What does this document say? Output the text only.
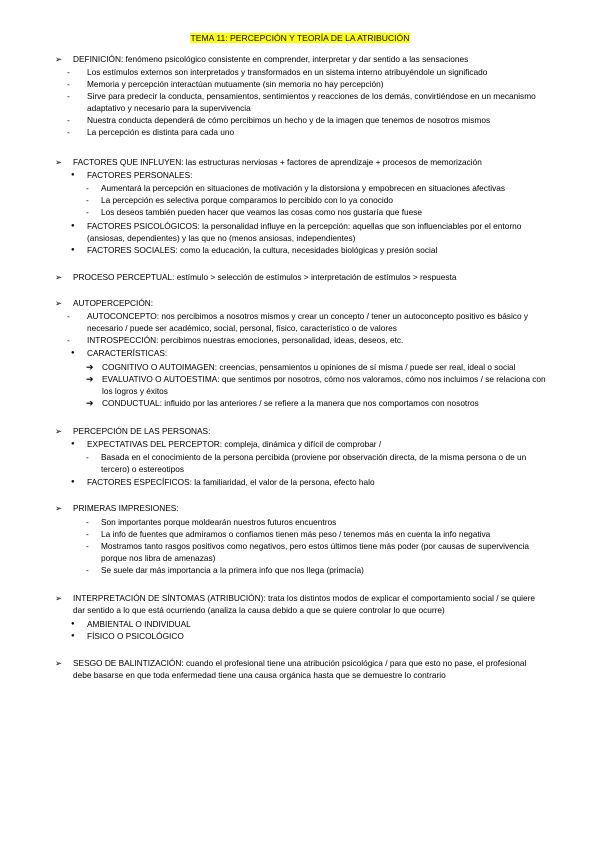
TEMA 11: PERCEPCIÓN Y TEORÍA DE LA ATRIBUCIÓN
➢ DEFINICIÓN: fenómeno psicológico consistente en comprender, interpretar y dar sentido a las sensaciones
- Los estímulos externos son interpretados y transformados en un sistema interno atribuyéndole un significado
- Memoria y percepción interactúan mutuamente (sin memoria no hay percepción)
- Sirve para predecir la conducta, pensamientos, sentimientos y reacciones de los demás, convirtiéndose en un mecanismo adaptativo y necesario para la supervivencia
- Nuestra conducta dependerá de cómo percibimos un hecho y de la imagen que tenemos de nosotros mismos
- La percepción es distinta para cada uno
➢ FACTORES QUE INFLUYEN: las estructuras nerviosas + factores de aprendizaje + procesos de memorización
● FACTORES PERSONALES:
- Aumentará la percepción en situaciones de motivación y la distorsiona y empobrecen en situaciones afectivas
- La percepción es selectiva porque comparamos lo percibido con lo ya conocido
- Los deseos también pueden hacer que veamos las cosas como nos gustaría que fuese
● FACTORES PSICOLÓGICOS: la personalidad influye en la percepción: aquellas que son influenciables por el entorno (ansiosas, dependientes) y las que no (menos ansiosas, independientes)
● FACTORES SOCIALES: como la educación, la cultura, necesidades biológicas y presión social
➢ PROCESO PERCEPTUAL: estímulo > selección de estímulos > interpretación de estímulos > respuesta
➢ AUTOPERCEPCIÓN:
- AUTOCONCEPTO: nos percibimos a nosotros mismos y crear un concepto / tener un autoconcepto positivo es básico y necesario / puede ser académico, social, personal, físico, característico o de valores
- INTROSPECCIÓN: percibimos nuestras emociones, personalidad, ideas, deseos, etc.
● CARACTERÍSTICAS:
➔ COGNITIVO O AUTOIMAGEN: creencias, pensamientos u opiniones de sí misma / puede ser real, ideal o social
➔ EVALUATIVO O AUTOESTIMA: que sentimos por nosotros, cómo nos valoramos, cómo nos incluimos / se relaciona con los logros y éxitos
➔ CONDUCTUAL: influido por las anteriores / se refiere a la manera que nos comportamos con nosotros
➢ PERCEPCIÓN DE LAS PERSONAS:
● EXPECTATIVAS DEL PERCEPTOR: compleja, dinámica y difícil de comprobar /
- Basada en el conocimiento de la persona percibida (proviene por observación directa, de la misma persona o de un tercero) o estereotipos
● FACTORES ESPECÍFICOS: la familiaridad, el valor de la persona, efecto halo
➢ PRIMERAS IMPRESIONES:
- Son importantes porque moldearán nuestros futuros encuentros
- La info de fuentes que admiramos o confiamos tienen más peso / tenemos más en cuenta la info negativa
- Mostramos tanto rasgos positivos como negativos, pero estos últimos tiene más poder (por causas de supervivencia porque nos libra de amenazas)
- Se suele dar más importancia a la primera info que nos llega (primacía)
➢ INTERPRETACIÓN DE SÍNTOMAS (ATRIBUCIÓN): trata los distintos modos de explicar el comportamiento social / se quiere dar sentido a lo que está ocurriendo (analiza la causa debido a que se quiere controlar lo que ocurre)
● AMBIENTAL O INDIVIDUAL
● FÍSICO O PSICOLÓGICO
➢ SESGO DE BALINTIZACIÓN: cuando el profesional tiene una atribución psicológica / para que esto no pase, el profesional debe basarse en que toda enfermedad tiene una causa orgánica hasta que se demuestre lo contrario
